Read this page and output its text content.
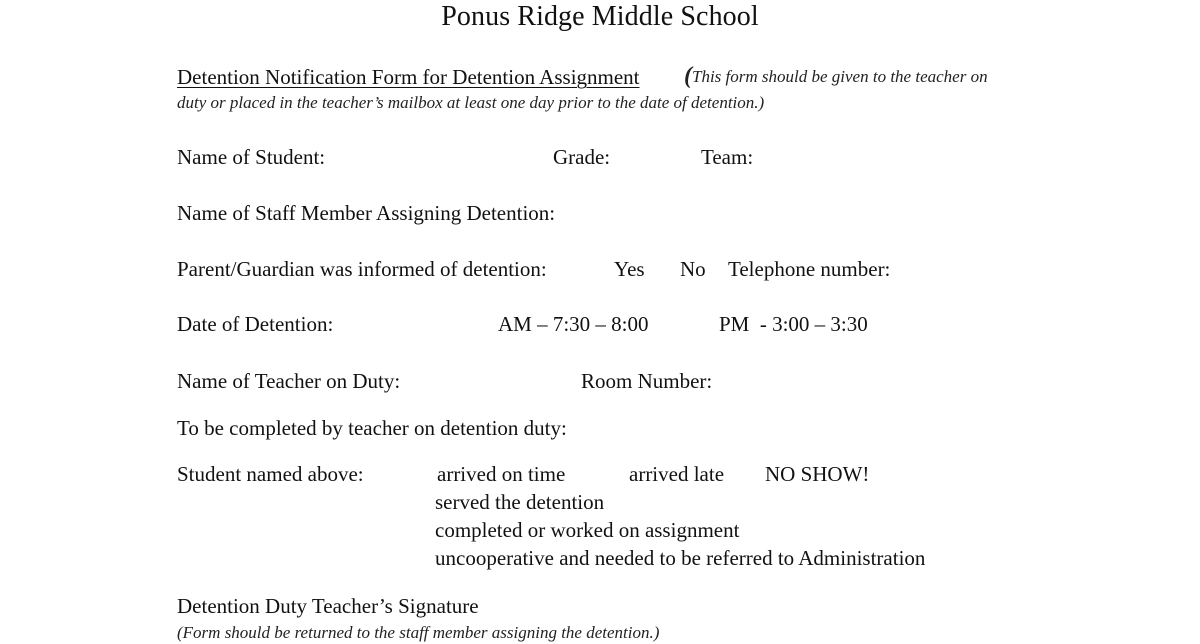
Ponus Ridge Middle School
Detention Notification Form for Detention Assignment (This form should be given to the teacher on
duty or placed in the teacher’s mailbox at least one day prior to the date of detention.)
Name of Student:	Grade:	Team:
Name of Staff Member Assigning Detention:
Parent/Guardian was informed of detention:	Yes No Telephone number:
Date of Detention:	AM – 7:30 – 8:00	PM  - 3:00 – 3:30
Name of Teacher on Duty:	Room Number:
To be completed by teacher on detention duty:
Student named above:	arrived on time	arrived late NO SHOW!
served the detention
completed or worked on assignment
uncooperative and needed to be referred to Administration
Detention Duty Teacher’s Signature
(Form should be returned to the staff member assigning the detention.)
